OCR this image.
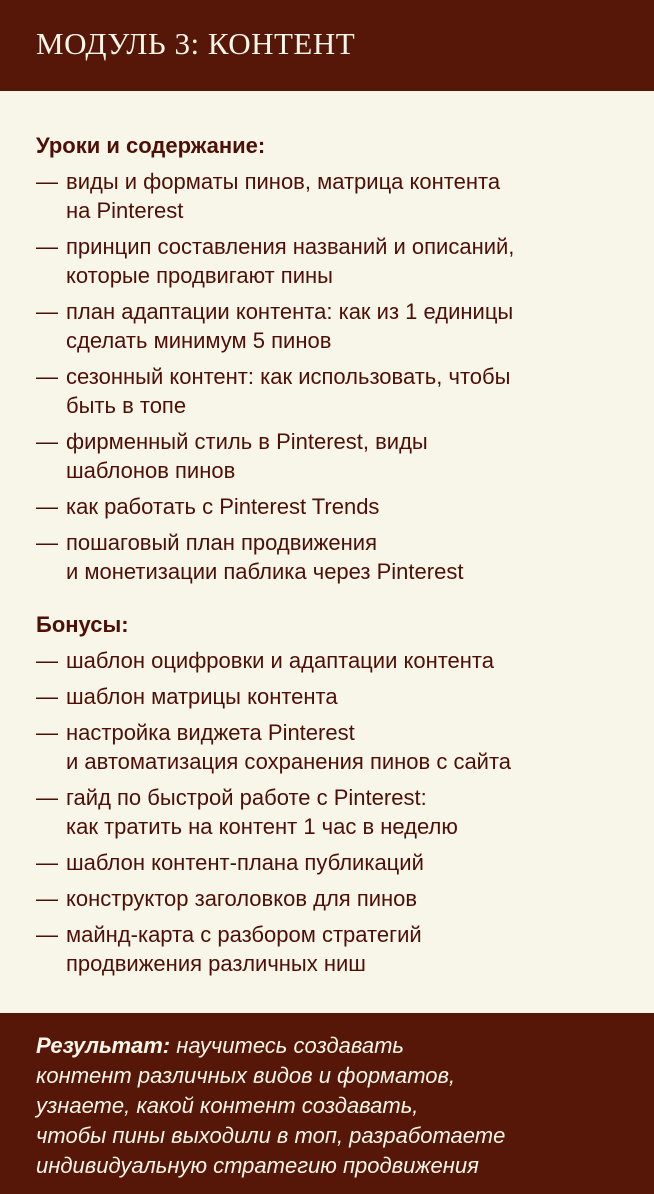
МОДУЛЬ 3: КОНТЕНТ
Уроки и содержание:
— виды и форматы пинов, матрица контента
на Pinterest
— принцип составления названий и описаний,
которые продвигают пины
— план адаптации контента: как из 1 единицы
сделать минимум 5 пинов
— сезонный контент: как использовать, чтобы
быть в топе
— фирменный стиль в Pinterest, виды
шаблонов пинов
— как работать с Pinterest Trends
— пошаговый план продвижения
и монетизации паблика через Pinterest
Бонусы:
— шаблон оцифровки и адаптации контента
— шаблон матрицы контента
— настройка виджета Pinterest
и автоматизация сохранения пинов с сайта
— гайд по быстрой работе с Pinterest:
как тратить на контент 1 час в неделю
— шаблон контент-плана публикаций
— конструктор заголовков для пинов
— майнд-карта с разбором стратегий
продвижения различных ниш
Результат: научитесь создавать
контент различных видов и форматов,
узнаете, какой контент создавать,
чтобы пины выходили в топ, разработаете
индивидуальную стратегию продвижения
